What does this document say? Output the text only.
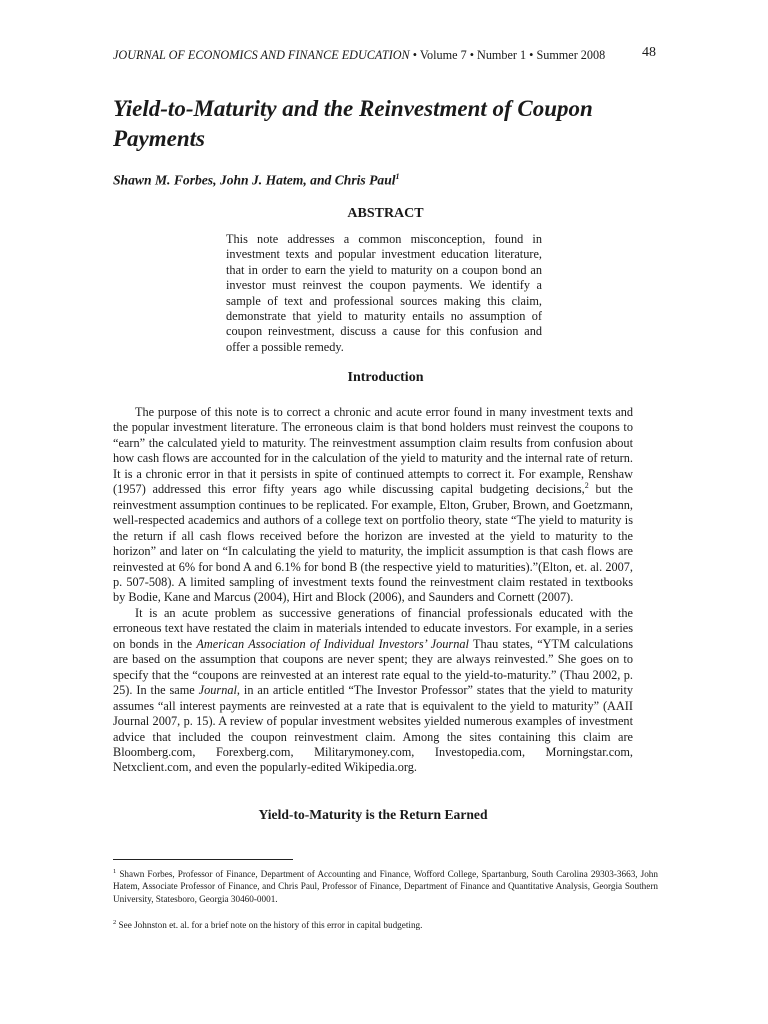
JOURNAL OF ECONOMICS AND FINANCE EDUCATION • Volume 7 • Number 1 • Summer 2008	48
Yield-to-Maturity and the Reinvestment of Coupon Payments
Shawn M. Forbes, John J. Hatem, and Chris Paul$^1$
ABSTRACT
This note addresses a common misconception, found in investment texts and popular investment education literature, that in order to earn the yield to maturity on a coupon bond an investor must reinvest the coupon payments. We identify a sample of text and professional sources making this claim, demonstrate that yield to maturity entails no assumption of coupon reinvestment, discuss a cause for this confusion and offer a possible remedy.
Introduction

The purpose of this note is to correct a chronic and acute error found in many investment texts and the popular investment literature. The erroneous claim is that bond holders must reinvest the coupons to “earn” the calculated yield to maturity. The reinvestment assumption claim results from confusion about how cash flows are accounted for in the calculation of the yield to maturity and the internal rate of return. It is a chronic error in that it persists in spite of continued attempts to correct it. For example, Renshaw (1957) addressed this error fifty years ago while discussing capital budgeting decisions,$^2$ but the reinvestment assumption continues to be replicated. For example, Elton, Gruber, Brown, and Goetzmann, well-respected academics and authors of a college text on portfolio theory, state “The yield to maturity is the return if all cash flows received before the horizon are invested at the yield to maturity to the horizon” and later on “In calculating the yield to maturity, the implicit assumption is that cash flows are reinvested at 6% for bond A and 6.1% for bond B (the respective yield to maturities).”(Elton, et. al. 2007, p. 507-508). A limited sampling of investment texts found the reinvestment claim restated in textbooks by Bodie, Kane and Marcus (2004), Hirt and Block (2006), and Saunders and Cornett (2007).

It is an acute problem as successive generations of financial professionals educated with the erroneous text have restated the claim in materials intended to educate investors. For example, in a series on bonds in the American Association of Individual Investors’ Journal Thau states, “YTM calculations are based on the assumption that coupons are never spent; they are always reinvested.” She goes on to specify that the “coupons are reinvested at an interest rate equal to the yield-to-maturity.” (Thau 2002, p. 25). In the same Journal, in an article entitled “The Investor Professor” states that the yield to maturity assumes “all interest payments are reinvested at a rate that is equivalent to the yield to maturity” (AAII Journal 2007, p. 15). A review of popular investment websites yielded numerous examples of investment advice that included the coupon reinvestment claim. Among the sites containing this claim are Bloomberg.com, Forexberg.com, Militarymoney.com, Investopedia.com, Morningstar.com, Netxclient.com, and even the popularly-edited Wikipedia.org.

Yield-to-Maturity is the Return Earned

$^1$ Shawn Forbes, Professor of Finance, Department of Accounting and Finance, Wofford College, Spartanburg, South Carolina 29303-3663, John Hatem, Associate Professor of Finance, and Chris Paul, Professor of Finance, Department of Finance and Quantitative Analysis, Georgia Southern University, Statesboro, Georgia 30460-0001.

$^2$ See Johnston et. al. for a brief note on the history of this error in capital budgeting.
